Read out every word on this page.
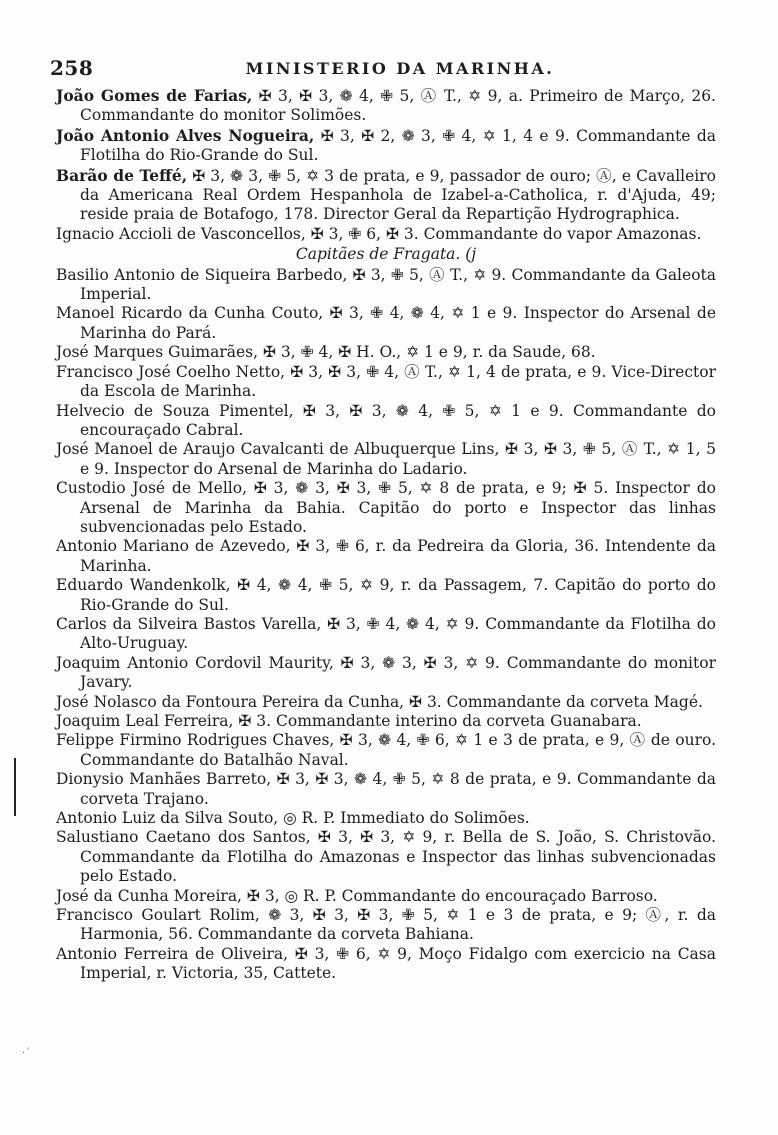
258	MINISTERIO DA MARINHA.

João Gomes de Farias, ✠ 3, ✠ 3, ❁ 4, ✙ 5, Ⓐ T., ✡ 9, a. Primeiro de Março, 26. Commandante do monitor Solimões.

João Antonio Alves Nogueira, ✠ 3, ✠ 2, ❁ 3, ✙ 4, ✡ 1, 4 e 9. Commandante da Flotilha do Rio-Grande do Sul.

Barão de Teffé, ✠ 3, ❁ 3, ✙ 5, ✡ 3 de prata, e 9, passador de ouro; Ⓐ, e Cavalleiro da Americana Real Ordem Hespanhola de Izabel-a-Catholica, r. d'Ajuda, 49; reside praia de Botafogo, 178. Director Geral da Repartição Hydrographica.

Ignacio Accioli de Vasconcellos, ✠ 3, ✙ 6, ✠ 3. Commandante do vapor Amazonas.

Capitães de Fragata. (j

Basilio Antonio de Siqueira Barbedo, ✠ 3, ✙ 5, Ⓐ T., ✡ 9. Commandante da Galeota Imperial.

Manoel Ricardo da Cunha Couto, ✠ 3, ✙ 4, ❁ 4, ✡ 1 e 9. Inspector do Arsenal de Marinha do Pará.

José Marques Guimarães, ✠ 3, ✙ 4, ✠ H. O., ✡ 1 e 9, r. da Saude, 68.

Francisco José Coelho Netto, ✠ 3, ✠ 3, ✙ 4, Ⓐ T., ✡ 1, 4 de prata, e 9. Vice-Director da Escola de Marinha.

Helvecio de Souza Pimentel, ✠ 3, ✠ 3, ❁ 4, ✙ 5, ✡ 1 e 9. Commandante do encouraçado Cabral.

José Manoel de Araujo Cavalcanti de Albuquerque Lins, ✠ 3, ✠ 3, ✙ 5, Ⓐ T., ✡ 1, 5 e 9. Inspector do Arsenal de Marinha do Ladario.

Custodio José de Mello, ✠ 3, ❁ 3, ✠ 3, ✙ 5, ✡ 8 de prata, e 9; ✠ 5. Inspector do Arsenal de Marinha da Bahia. Capitão do porto e Inspector das linhas subvencionadas pelo Estado.

Antonio Mariano de Azevedo, ✠ 3, ✙ 6, r. da Pedreira da Gloria, 36. Intendente da Marinha.

Eduardo Wandenkolk, ✠ 4, ❁ 4, ✙ 5, ✡ 9, r. da Passagem, 7. Capitão do porto do Rio-Grande do Sul.

Carlos da Silveira Bastos Varella, ✠ 3, ✙ 4, ❁ 4, ✡ 9. Commandante da Flotilha do Alto-Uruguay.

Joaquim Antonio Cordovil Maurity, ✠ 3, ❁ 3, ✠ 3, ✡ 9. Commandante do monitor Javary.

José Nolasco da Fontoura Pereira da Cunha, ✠ 3. Commandante da corveta Magé.

Joaquim Leal Ferreira, ✠ 3. Commandante interino da corveta Guanabara.

Felippe Firmino Rodrigues Chaves, ✠ 3, ❁ 4, ✙ 6, ✡ 1 e 3 de prata, e 9, Ⓐ de ouro. Commandante do Batalhão Naval.

Dionysio Manhães Barreto, ✠ 3, ✠ 3, ❁ 4, ✙ 5, ✡ 8 de prata, e 9. Commandante da corveta Trajano.

Antonio Luiz da Silva Souto, ◎ R. P. Immediato do Solimões.

Salustiano Caetano dos Santos, ✠ 3, ✠ 3, ✡ 9, r. Bella de S. João, S. Christovão. Commandante da Flotilha do Amazonas e Inspector das linhas subvencionadas pelo Estado.

José da Cunha Moreira, ✠ 3, ◎ R. P. Commandante do encouraçado Barroso.

Francisco Goulart Rolim, ❁ 3, ✠ 3, ✠ 3, ✙ 5, ✡ 1 e 3 de prata, e 9; Ⓐ, r. da Harmonia, 56. Commandante da corveta Bahiana.

Antonio Ferreira de Oliveira, ✠ 3, ✙ 6, ✡ 9, Moço Fidalgo com exercicio na Casa Imperial, r. Victoria, 35, Cattete.

·´
